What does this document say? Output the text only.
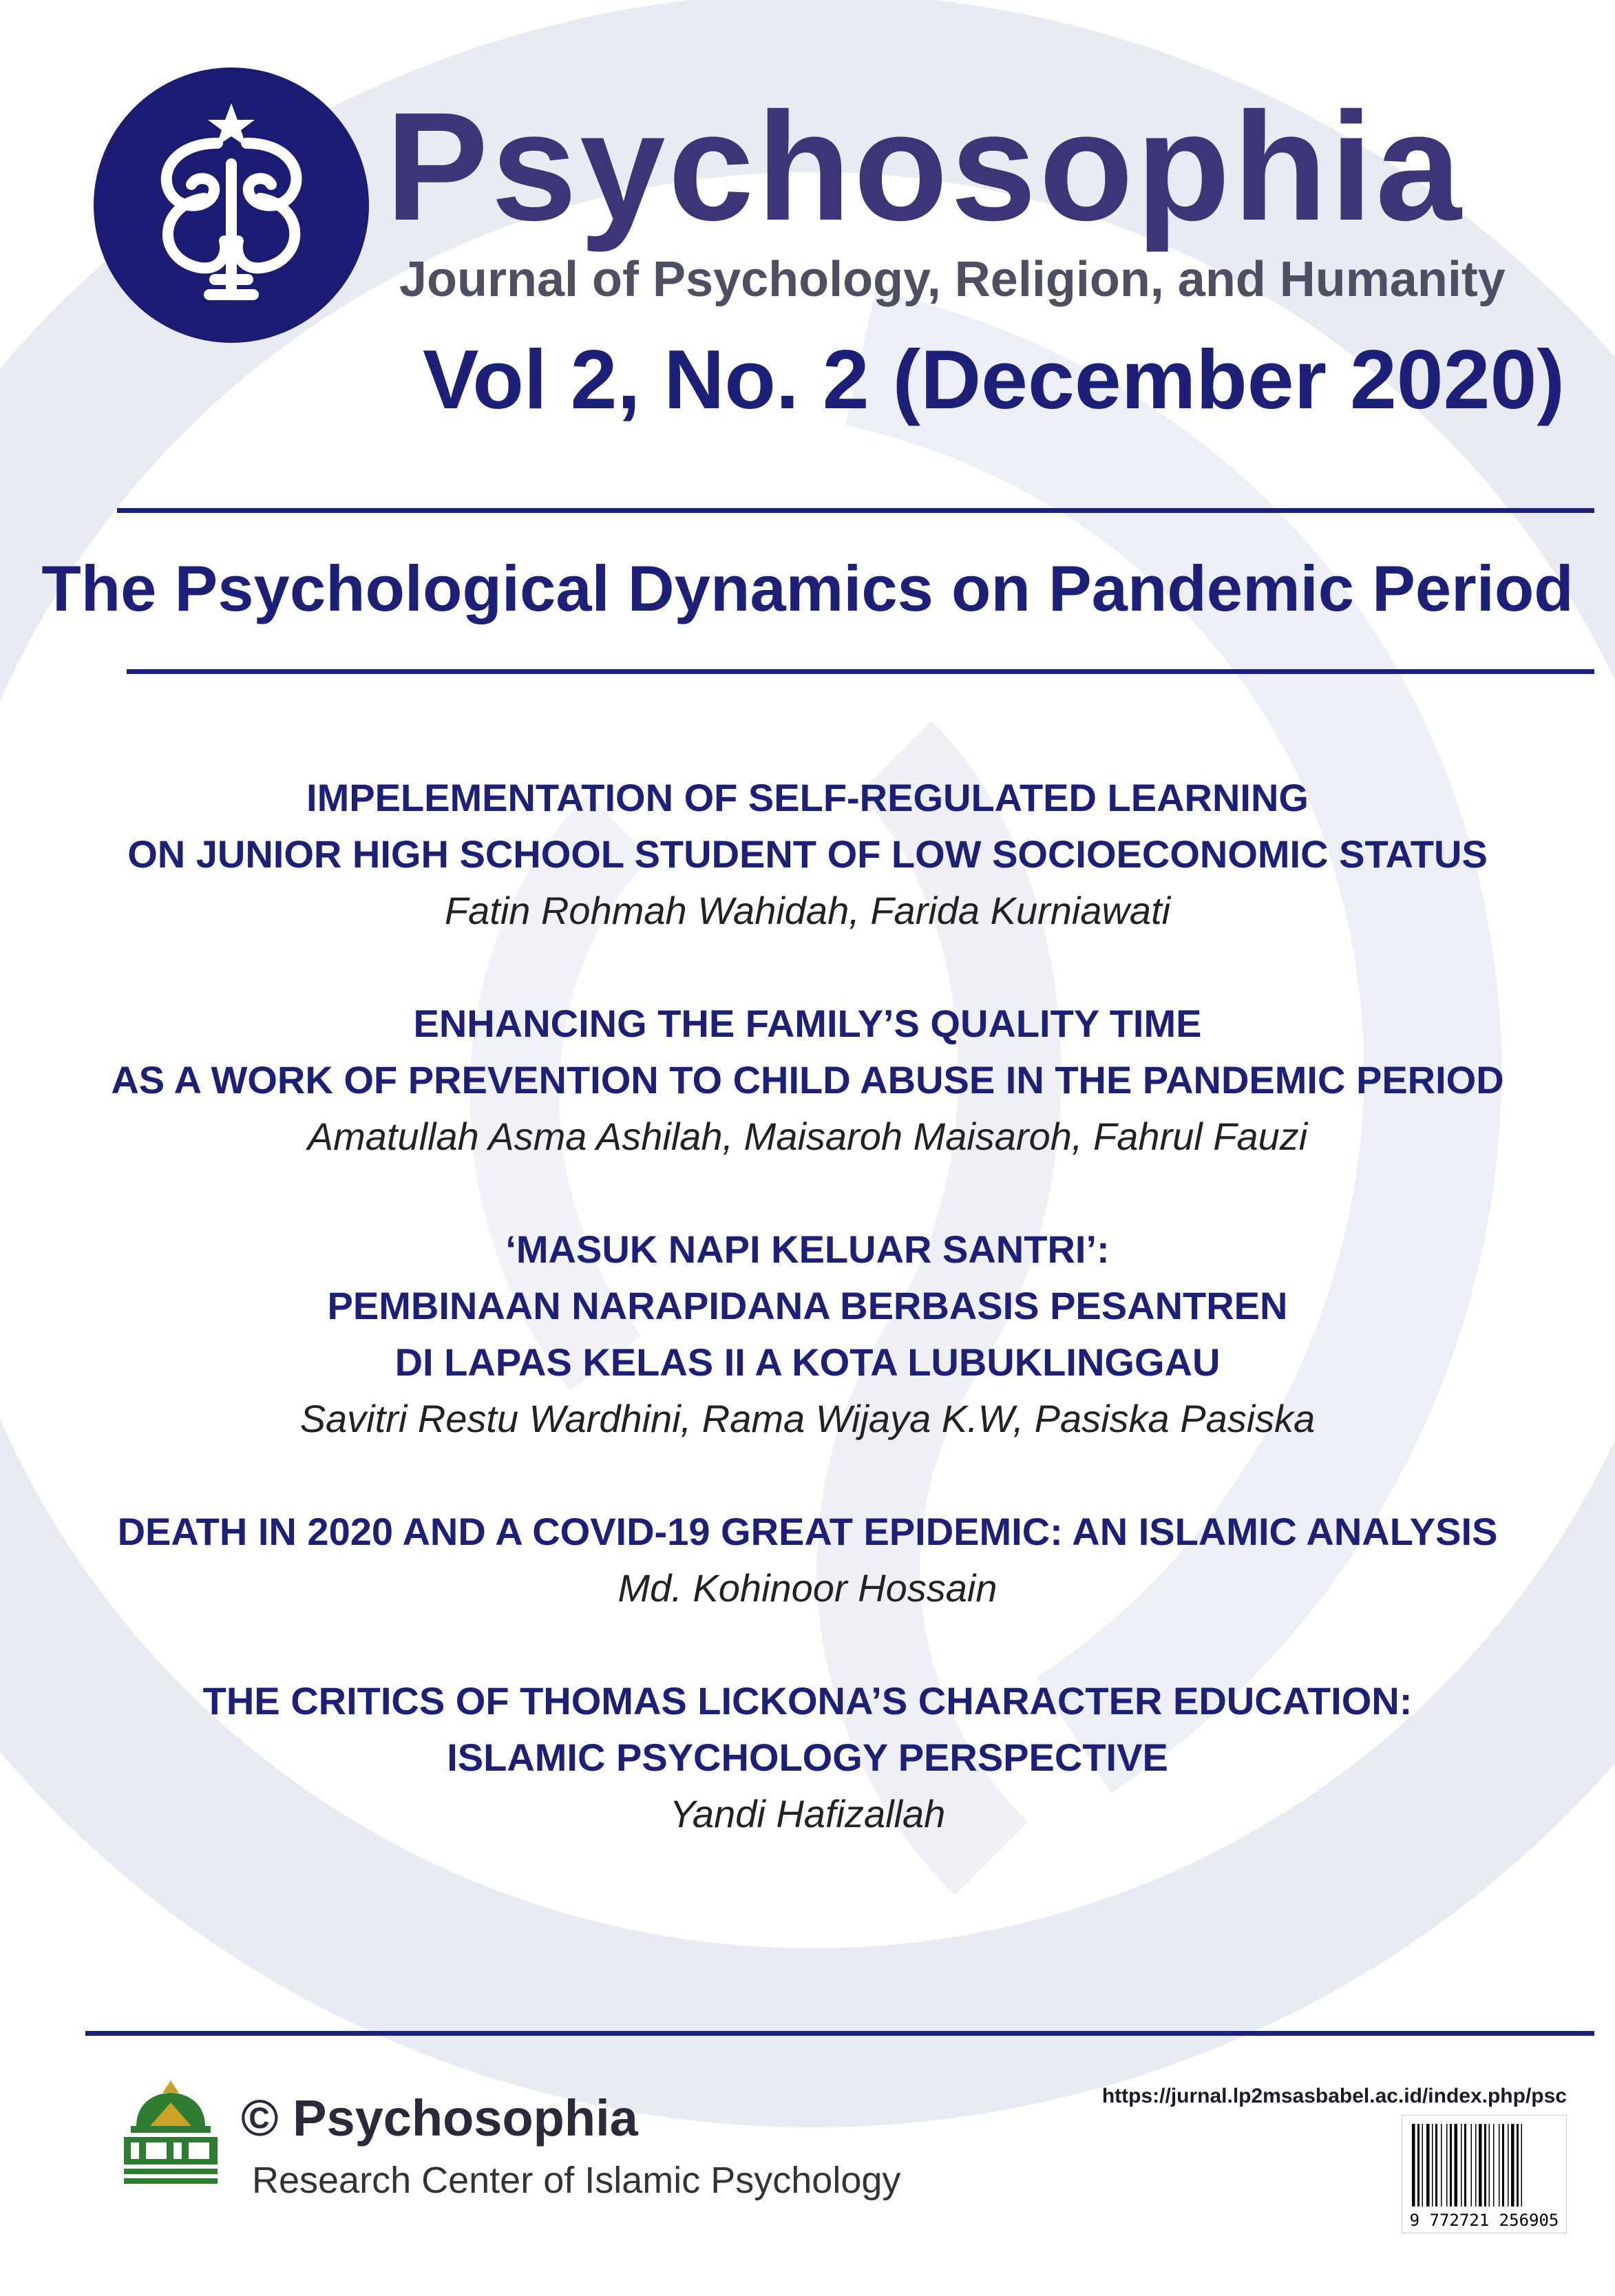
Psychosophia

Journal of Psychology, Religion, and Humanity

Vol 2, No. 2 (December 2020)

The Psychological Dynamics on Pandemic Period
IMPELEMENTATION OF SELF-REGULATED LEARNING
ON JUNIOR HIGH SCHOOL STUDENT OF LOW SOCIOECONOMIC STATUS
Fatin Rohmah Wahidah, Farida Kurniawati
ENHANCING THE FAMILY’S QUALITY TIME
AS A WORK OF PREVENTION TO CHILD ABUSE IN THE PANDEMIC PERIOD
Amatullah Asma Ashilah, Maisaroh Maisaroh, Fahrul Fauzi
‘MASUK NAPI KELUAR SANTRI’:
PEMBINAAN NARAPIDANA BERBASIS PESANTREN
DI LAPAS KELAS II A KOTA LUBUKLINGGAU
Savitri Restu Wardhini, Rama Wijaya K.W, Pasiska Pasiska
DEATH IN 2020 AND A COVID-19 GREAT EPIDEMIC: AN ISLAMIC ANALYSIS
Md. Kohinoor Hossain
THE CRITICS OF THOMAS LICKONA’S CHARACTER EDUCATION:
ISLAMIC PSYCHOLOGY PERSPECTIVE
Yandi Hafizallah

© Psychosophia

Research Center of Islamic Psychology

https://jurnal.lp2msasbabel.ac.id/index.php/psc

9 772721 256905
